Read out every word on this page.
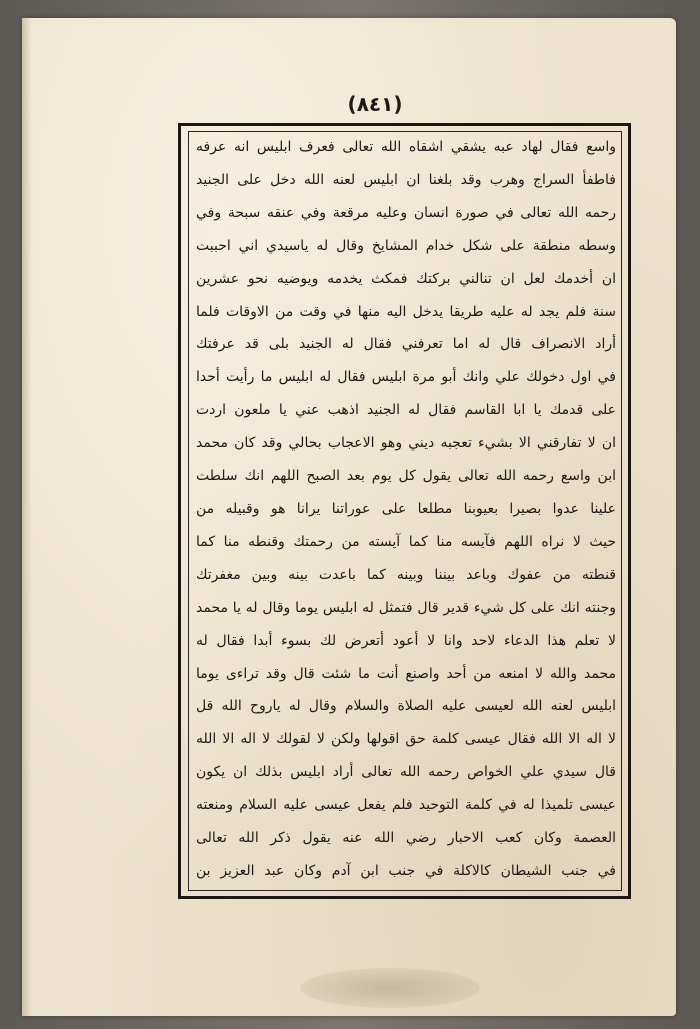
(٨٤١)
واسع فقال لهاد عبه يشقي اشقاه الله تعالى فعرف ابليس انه عرفه
فاطفأ السراج وهرب وقد بلغنا ان ابليس لعنه الله دخل على الجنيد
رحمه الله تعالى في صورة انسان وعليه مرقعة وفي عنقه سبحة وفي
وسطه منطقة على شكل خدام المشايخ وقال له ياسيدي اني احببت
ان أخدمك لعل ان تنالني بركتك فمكث يخدمه ويوضيه نحو عشرين
سنة فلم يجد له عليه طريقا يدخل اليه منها في وقت من الاوقات فلما
أراد الانصراف قال له اما تعرفني فقال له الجنيد بلى قد عرفتك
في اول دخولك علي وانك أبو مرة ابليس فقال له ابليس ما رأيت أحدا
على قدمك يا ابا القاسم فقال له الجنيد اذهب عني يا ملعون اردت
ان لا تفارقني الا بشيء تعجبه ديني وهو الاعجاب بحالي وقد كان محمد
ابن واسع رحمه الله تعالى يقول كل يوم بعد الصبح اللهم انك سلطت
علينا عدوا بصيرا بعيوبنا مطلعا على عوراتنا يرانا هو وقبيله من
حيث لا نراه اللهم فآيسه منا كما آيسته من رحمتك وقنطه منا كما
قنطته من عفوك وباعد بيننا وبينه كما باعدت بينه وبين مغفرتك
وجنته انك على كل شيء قدير قال فتمثل له ابليس يوما وقال له يا محمد
لا تعلم هذا الدعاء لاحد وانا لا أعود أتعرض لك بسوء أبدا فقال له
محمد والله لا امنعه من أحد واصنع أنت ما شئت قال وقد تراءى يوما
ابليس لعنه الله لعيسى عليه الصلاة والسلام وقال له ياروح الله قل
لا اله الا الله فقال عيسى كلمة حق اقولها ولكن لا لقولك لا اله الا الله
قال سيدي علي الخواص رحمه الله تعالى أراد ابليس بذلك ان يكون
عيسى تلميذا له في كلمة التوحيد فلم يفعل عيسى عليه السلام ومنعته
العصمة وكان كعب الاحبار رضي الله عنه يقول ذكر الله تعالى
في جنب الشيطان كالاكلة في جنب ابن آدم وكان عبد العزيز بن
